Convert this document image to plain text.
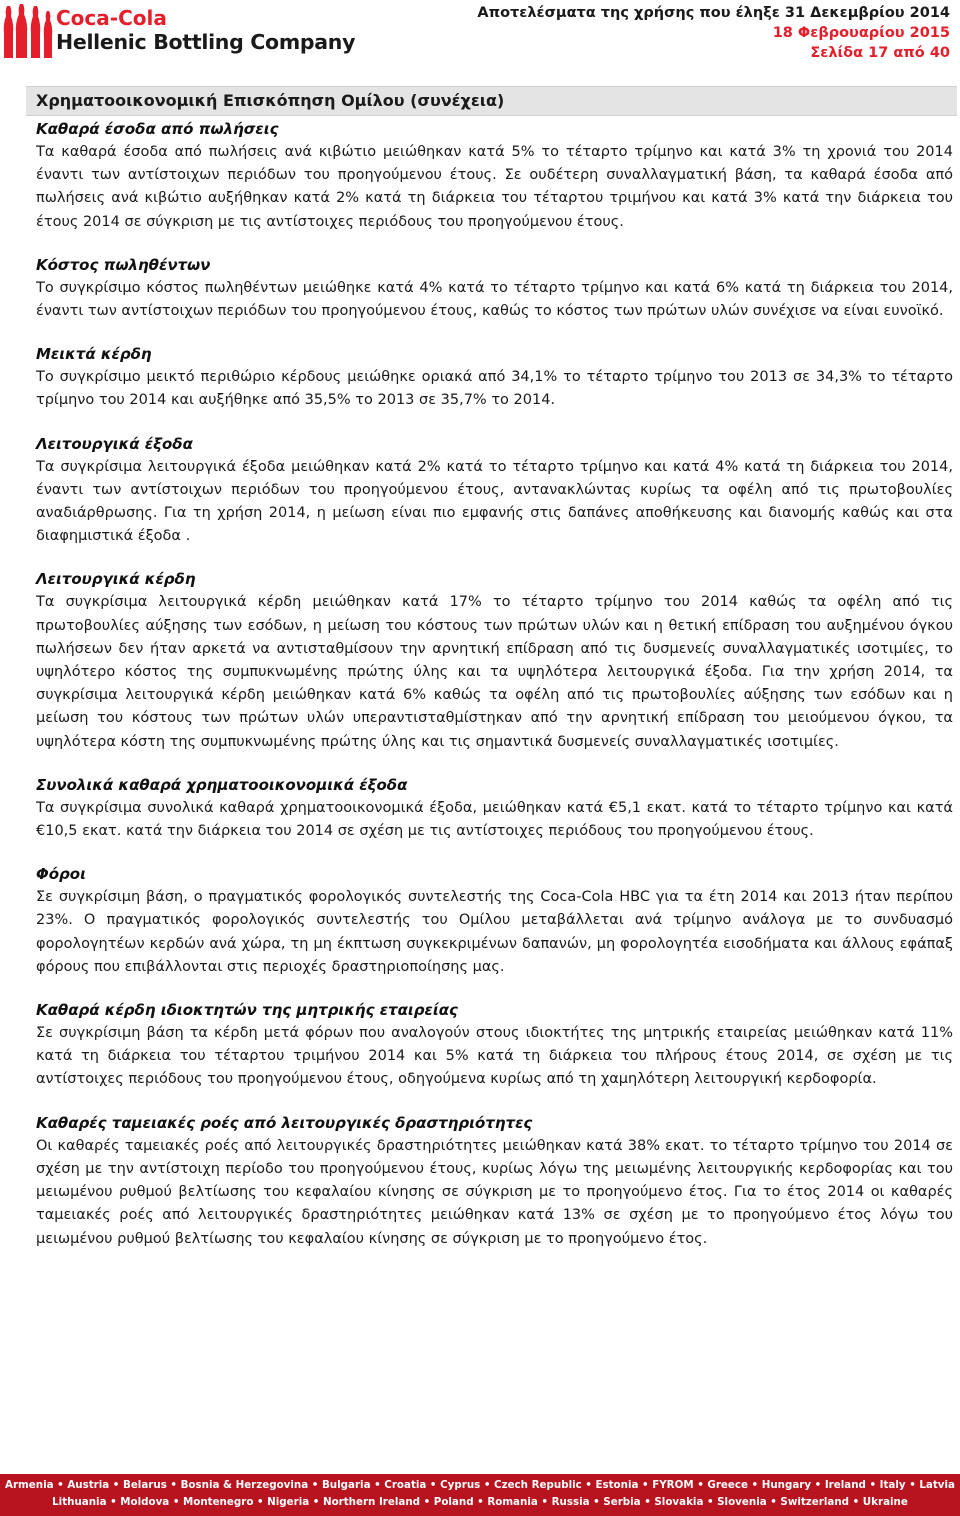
Coca-Cola
Hellenic Bottling Company
Αποτελέσματα της χρήσης που έληξε 31 Δεκεμβρίου 2014
18 Φεβρουαρίου 2015
Σελίδα 17 από 40
Χρηματοοικονομική Επισκόπηση Ομίλου (συνέχεια)
Καθαρά έσοδα από πωλήσεις

Τα καθαρά έσοδα από πωλήσεις ανά κιβώτιο μειώθηκαν κατά 5% το τέταρτο τρίμηνο και κατά 3% τη χρονιά του 2014 έναντι των αντίστοιχων περιόδων του προηγούμενου έτους. Σε ουδέτερη συναλλαγματική βάση, τα καθαρά έσοδα από πωλήσεις ανά κιβώτιο αυξήθηκαν κατά 2% κατά τη διάρκεια του τέταρτου τριμήνου και κατά 3% κατά την διάρκεια του έτους 2014 σε σύγκριση με τις αντίστοιχες περιόδους του προηγούμενου έτους.

Κόστος πωληθέντων

Το συγκρίσιμο κόστος πωληθέντων μειώθηκε κατά 4% κατά το τέταρτο τρίμηνο και κατά 6% κατά τη διάρκεια του 2014, έναντι των αντίστοιχων περιόδων του προηγούμενου έτους, καθώς το κόστος των πρώτων υλών συνέχισε να είναι ευνοϊκό.

Μεικτά κέρδη

Το συγκρίσιμο μεικτό περιθώριο κέρδους μειώθηκε οριακά από 34,1% το τέταρτο τρίμηνο του 2013 σε 34,3% το τέταρτο τρίμηνο του 2014 και αυξήθηκε από 35,5% το 2013 σε 35,7% το 2014.

Λειτουργικά έξοδα

Τα συγκρίσιμα λειτουργικά έξοδα μειώθηκαν κατά 2% κατά το τέταρτο τρίμηνο και κατά 4% κατά τη διάρκεια του 2014, έναντι των αντίστοιχων περιόδων του προηγούμενου έτους, αντανακλώντας κυρίως τα οφέλη από τις πρωτοβουλίες αναδιάρθρωσης. Για τη χρήση 2014, η μείωση είναι πιο εμφανής στις δαπάνες αποθήκευσης και διανομής καθώς και στα διαφημιστικά έξοδα .

Λειτουργικά κέρδη

Τα συγκρίσιμα λειτουργικά κέρδη μειώθηκαν κατά 17% το τέταρτο τρίμηνο του 2014 καθώς τα οφέλη από τις πρωτοβουλίες αύξησης των εσόδων, η μείωση του κόστους των πρώτων υλών και η θετική επίδραση του αυξημένου όγκου πωλήσεων δεν ήταν αρκετά να αντισταθμίσουν την αρνητική επίδραση από τις δυσμενείς συναλλαγματικές ισοτιμίες, το υψηλότερο κόστος της συμπυκνωμένης πρώτης ύλης και τα υψηλότερα λειτουργικά έξοδα. Για την χρήση 2014, τα συγκρίσιμα λειτουργικά κέρδη μειώθηκαν κατά 6% καθώς τα οφέλη από τις πρωτοβουλίες αύξησης των εσόδων και η μείωση του κόστους των πρώτων υλών υπεραντισταθμίστηκαν από την αρνητική επίδραση του μειούμενου όγκου, τα υψηλότερα κόστη της συμπυκνωμένης πρώτης ύλης και τις σημαντικά δυσμενείς συναλλαγματικές ισοτιμίες.

Συνολικά καθαρά χρηματοοικονομικά έξοδα

Τα συγκρίσιμα συνολικά καθαρά χρηματοοικονομικά έξοδα, μειώθηκαν κατά €5,1 εκατ. κατά το τέταρτο τρίμηνο και κατά €10,5 εκατ. κατά την διάρκεια του 2014 σε σχέση με τις αντίστοιχες περιόδους του προηγούμενου έτους.

Φόροι

Σε συγκρίσιμη βάση, ο πραγματικός φορολογικός συντελεστής της Coca-Cola HBC για τα έτη 2014 και 2013 ήταν περίπου 23%. Ο πραγματικός φορολογικός συντελεστής του Ομίλου μεταβάλλεται ανά τρίμηνο ανάλογα με το συνδυασμό φορολογητέων κερδών ανά χώρα, τη μη έκπτωση συγκεκριμένων δαπανών, μη φορολογητέα εισοδήματα και άλλους εφάπαξ φόρους που επιβάλλονται στις περιοχές δραστηριοποίησης μας.

Καθαρά κέρδη ιδιοκτητών της μητρικής εταιρείας

Σε συγκρίσιμη βάση τα κέρδη μετά φόρων που αναλογούν στους ιδιοκτήτες της μητρικής εταιρείας μειώθηκαν κατά 11% κατά τη διάρκεια του τέταρτου τριμήνου 2014 και 5% κατά τη διάρκεια του πλήρους έτους 2014, σε σχέση με τις αντίστοιχες περιόδους του προηγούμενου έτους, οδηγούμενα κυρίως από τη χαμηλότερη λειτουργική κερδοφορία.

Καθαρές ταμειακές ροές από λειτουργικές δραστηριότητες

Οι καθαρές ταμειακές ροές από λειτουργικές δραστηριότητες μειώθηκαν κατά 38% εκατ. το τέταρτο τρίμηνο του 2014 σε σχέση με την αντίστοιχη περίοδο του προηγούμενου έτους, κυρίως λόγω της μειωμένης λειτουργικής κερδοφορίας και του μειωμένου ρυθμού βελτίωσης του κεφαλαίου κίνησης σε σύγκριση με το προηγούμενο έτος. Για το έτος 2014 οι καθαρές ταμειακές ροές από λειτουργικές δραστηριότητες μειώθηκαν κατά 13% σε σχέση με το προηγούμενο έτος λόγω του μειωμένου ρυθμού βελτίωσης του κεφαλαίου κίνησης σε σύγκριση με το προηγούμενο έτος.

Armenia • Austria • Belarus • Bosnia & Herzegovina • Bulgaria • Croatia • Cyprus • Czech Republic • Estonia • FYROM • Greece • Hungary • Ireland • Italy • Latvia
Lithuania • Moldova • Montenegro • Nigeria • Northern Ireland • Poland • Romania • Russia • Serbia • Slovakia • Slovenia • Switzerland • Ukraine
